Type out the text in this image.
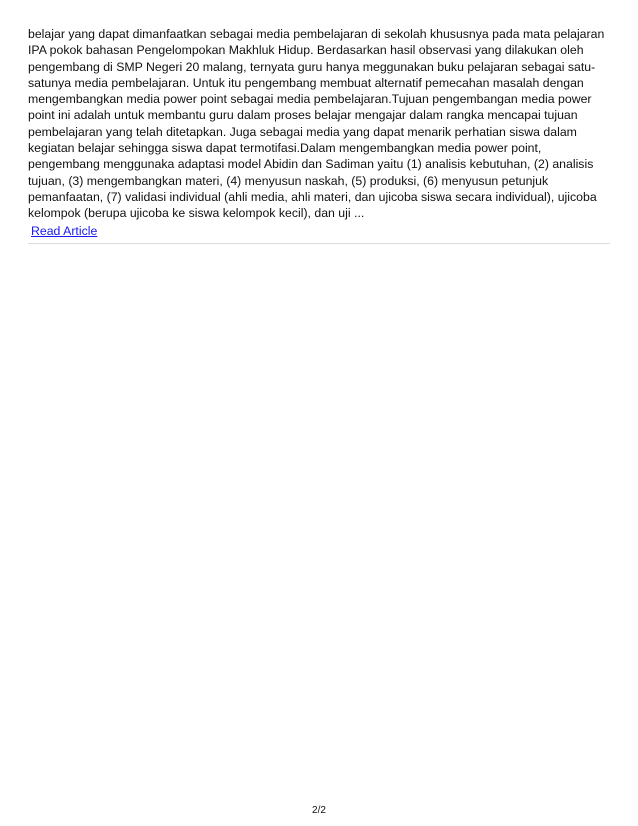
belajar yang dapat dimanfaatkan sebagai media pembelajaran di sekolah khususnya pada mata pelajaran IPA pokok bahasan Pengelompokan Makhluk Hidup. Berdasarkan hasil observasi yang dilakukan oleh pengembang di SMP Negeri 20 malang, ternyata guru hanya meggunakan buku pelajaran sebagai satu-satunya media pembelajaran. Untuk itu pengembang membuat alternatif pemecahan masalah dengan mengembangkan media power point sebagai media pembelajaran.Tujuan pengembangan media power point ini adalah untuk membantu guru dalam proses belajar mengajar dalam rangka mencapai tujuan pembelajaran yang telah ditetapkan. Juga sebagai media yang dapat menarik perhatian siswa dalam kegiatan belajar sehingga siswa dapat termotifasi.Dalam mengembangkan media power point, pengembang menggunaka adaptasi model Abidin dan Sadiman yaitu (1) analisis kebutuhan, (2) analisis tujuan, (3) mengembangkan materi, (4) menyusun naskah, (5) produksi, (6) menyusun petunjuk pemanfaatan, (7) validasi individual (ahli media, ahli materi, dan ujicoba siswa secara individual), ujicoba kelompok (berupa ujicoba ke siswa kelompok kecil), dan uji ...

Read Article
2/2
